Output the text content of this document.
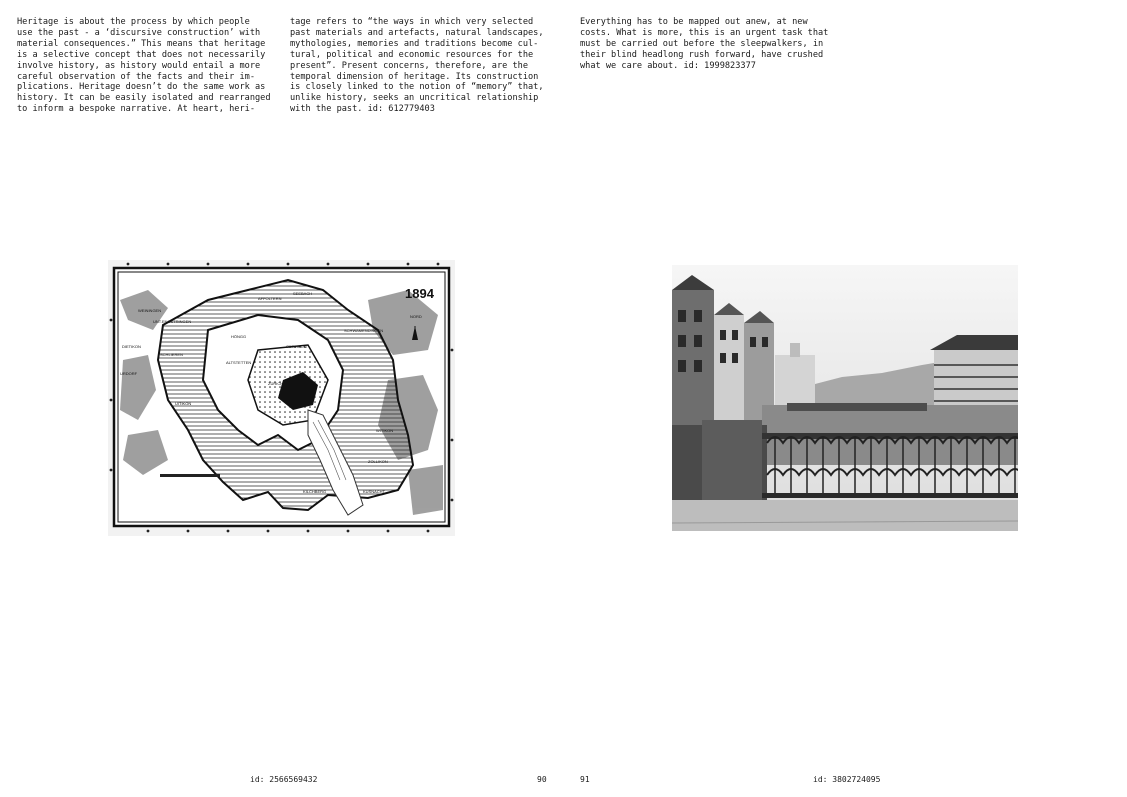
Heritage is about the process by which people
use the past - a ‘discursive construction’ with
material consequences.” This means that heritage
is a selective concept that does not necessarily
involve history, as history would entail a more
careful observation of the facts and their im-
plications. Heritage doesn’t do the same work as
history. It can be easily isolated and rearranged
to inform a bespoke narrative. At heart, heri-
tage refers to “the ways in which very selected
past materials and artefacts, natural landscapes,
mythologies, memories and traditions become cul-
tural, political and economic resources for the
present”. Present concerns, therefore, are the
temporal dimension of heritage. Its construction
is closely linked to the notion of “memory” that,
unlike history, seeks an uncritical relationship
with the past. id: 612779403
Everything has to be mapped out anew, at new
costs. What is more, this is an urgent task that
must be carried out before the sleepwalkers, in
their blind headlong rush forward, have crushed
what we care about. id: 1999823377
1894
NORD
AFFOLTERN
SEEBACH
OERLIKON
SCHWAMENDINGEN
WEININGEN
UNT.ENGSTRINGEN
HÖNGG
DIETIKON
SCHLIEREN
ALTSTETTEN
URDORF
UITIKON
ZÜRICH
WITIKON
ZOLLIKON
KÜSNACHT
KILCHBERG
id: 2566569432	90	91	id: 3802724095
